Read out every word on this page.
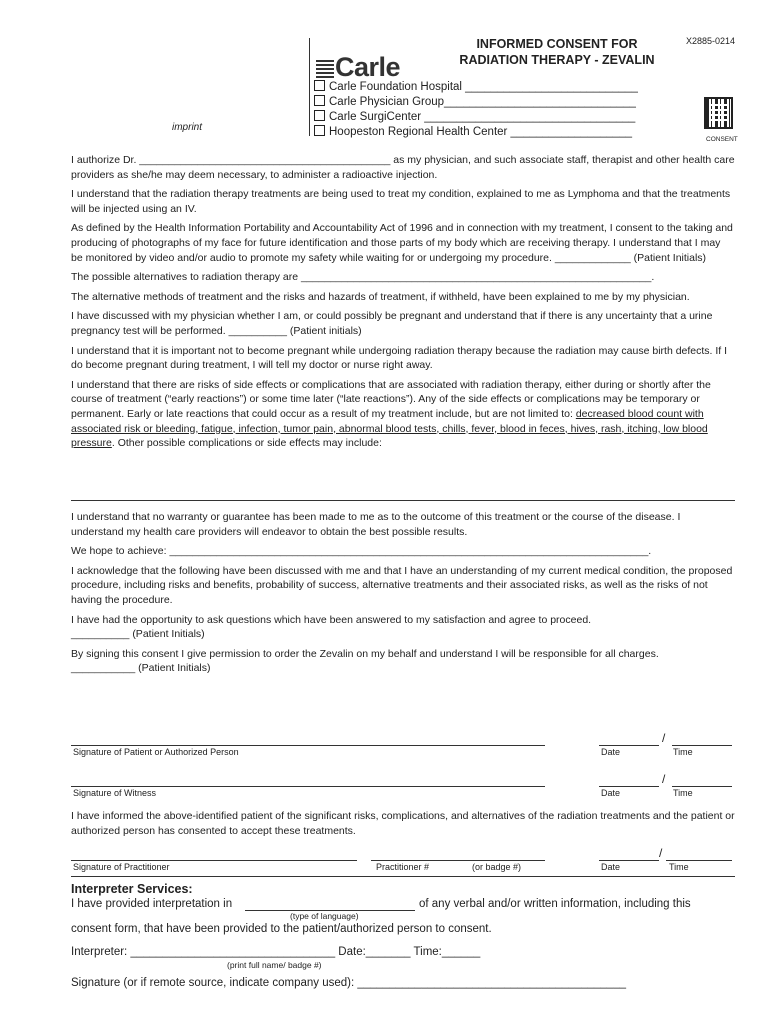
imprint
Carle
INFORMED CONSENT FOR
RADIATION THERAPY - ZEVALIN
X2885-0214
Carle Foundation Hospital ___________________________
Carle Physician Group______________________________
Carle SurgiCenter _________________________________
Hoopeston Regional Health Center ___________________
CONSENT

I authorize Dr. ___________________________________________ as my physician, and such associate staff, therapist and other health care providers as she/he may deem necessary, to administer a radioactive injection.

I understand that the radiation therapy treatments are being used to treat my condition, explained to me as Lymphoma and that the treatments will be injected using an IV.

As defined by the Health Information Portability and Accountability Act of 1996 and in connection with my treatment, I consent to the taking and producing of photographs of my face for future identification and those parts of my body which are receiving therapy. I understand that I may be monitored by video and/or audio to promote my safety while waiting for or undergoing my procedure. _____________ (Patient Initials)

The possible alternatives to radiation therapy are ____________________________________________________________.

The alternative methods of treatment and the risks and hazards of treatment, if withheld, have been explained to me by my physician.

I have discussed with my physician whether I am, or could possibly be pregnant and understand that if there is any uncertainty that a urine pregnancy test will be performed. __________ (Patient initials)

I understand that it is important not to become pregnant while undergoing radiation therapy because the radiation may cause birth defects. If I do become pregnant during treatment, I will tell my doctor or nurse right away.

I understand that there are risks of side effects or complications that are associated with radiation therapy, either during or shortly after the course of treatment (“early reactions”) or some time later (“late reactions”). Any of the side effects or complications may be temporary or permanent. Early or late reactions that could occur as a result of my treatment include, but are not limited to: decreased blood count with associated risk or bleeding, fatigue, infection, tumor pain, abnormal blood tests, chills, fever, blood in feces, hives, rash, itching, low blood pressure. Other possible complications or side effects may include:

I understand that no warranty or guarantee has been made to me as to the outcome of this treatment or the course of the disease. I understand my health care providers will endeavor to obtain the best possible results.

We hope to achieve: __________________________________________________________________________________.

I acknowledge that the following have been discussed with me and that I have an understanding of my current medical condition, the proposed procedure, including risks and benefits, probability of success, alternative treatments and their associated risks, as well as the risks of not having the procedure.

I have had the opportunity to ask questions which have been answered to my satisfaction and agree to proceed.

__________ (Patient Initials)

By signing this consent I give permission to order the Zevalin on my behalf and understand I will be responsible for all charges.

___________ (Patient Initials)

Signature of Patient or Authorized Person
/
Date	Time
Signature of Witness
/
Date	Time
I have informed the above-identified patient of the significant risks, complications, and alternatives of the radiation treatments and the patient or authorized person has consented to accept these treatments.
Signature of Practitioner	Practitioner #	(or badge #)
/
Date	Time
Interpreter Services:
I have provided interpretation in	of any verbal and/or written information, including this
(type of language)
consent form, that have been provided to the patient/authorized person to consent.
Interpreter: ________________________________ Date:_______ Time:______
(print full name/ badge #)
Signature (or if remote source, indicate company used): __________________________________________
